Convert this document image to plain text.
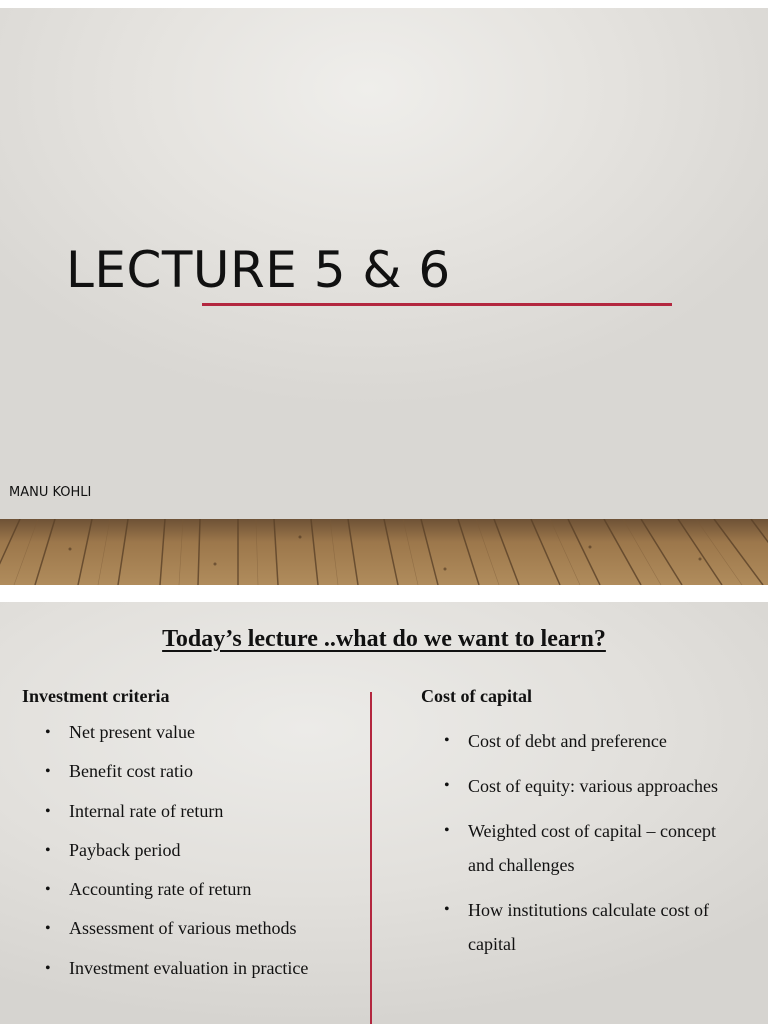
LECTURE 5 & 6
MANU KOHLI
Today’s lecture ..what do we want to learn?
Investment criteria
• Net present value
• Benefit cost ratio
• Internal rate of return
• Payback period
• Accounting rate of return
• Assessment of various methods
• Investment evaluation in practice
Cost of capital
• Cost of debt and preference
• Cost of equity: various approaches
• Weighted cost of capital – concept and challenges
• How institutions calculate cost of capital
